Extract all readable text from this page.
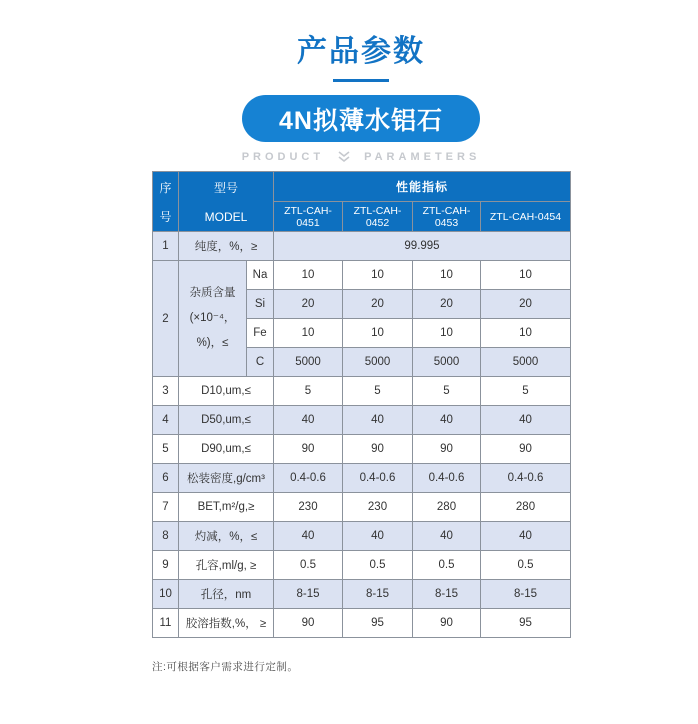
产品参数
4N拟薄水铝石
PRODUCT	PARAMETERS
序
号	型号
MODEL		性能指标			
			ZTL-CAH-0451	ZTL-CAH-0452	ZTL-CAH-0453	ZTL-CAH-0454
1	纯度，%，≥		99.995			
2	杂质含量 (×10⁻⁴，%)，≤	Na	10	10	10	10
		Si	20	20	20	20
		Fe	10	10	10	10
		C	5000	5000	5000	5000
3	D10,um,≤		5	5	5	5
4	D50,um,≤		40	40	40	40
5	D90,um,≤		90	90	90	90
6	松装密度,g/cm³		0.4-0.6	0.4-0.6	0.4-0.6	0.4-0.6
7	BET,m²/g,≥		230	230	280	280
8	灼减，%，≤		40	40	40	40
9	孔容,ml/g, ≥		0.5	0.5	0.5	0.5
10	孔径，nm		8-15	8-15	8-15	8-15
11	胶溶指数,%， ≥		90	95	90	95
注:可根据客户需求进行定制。
